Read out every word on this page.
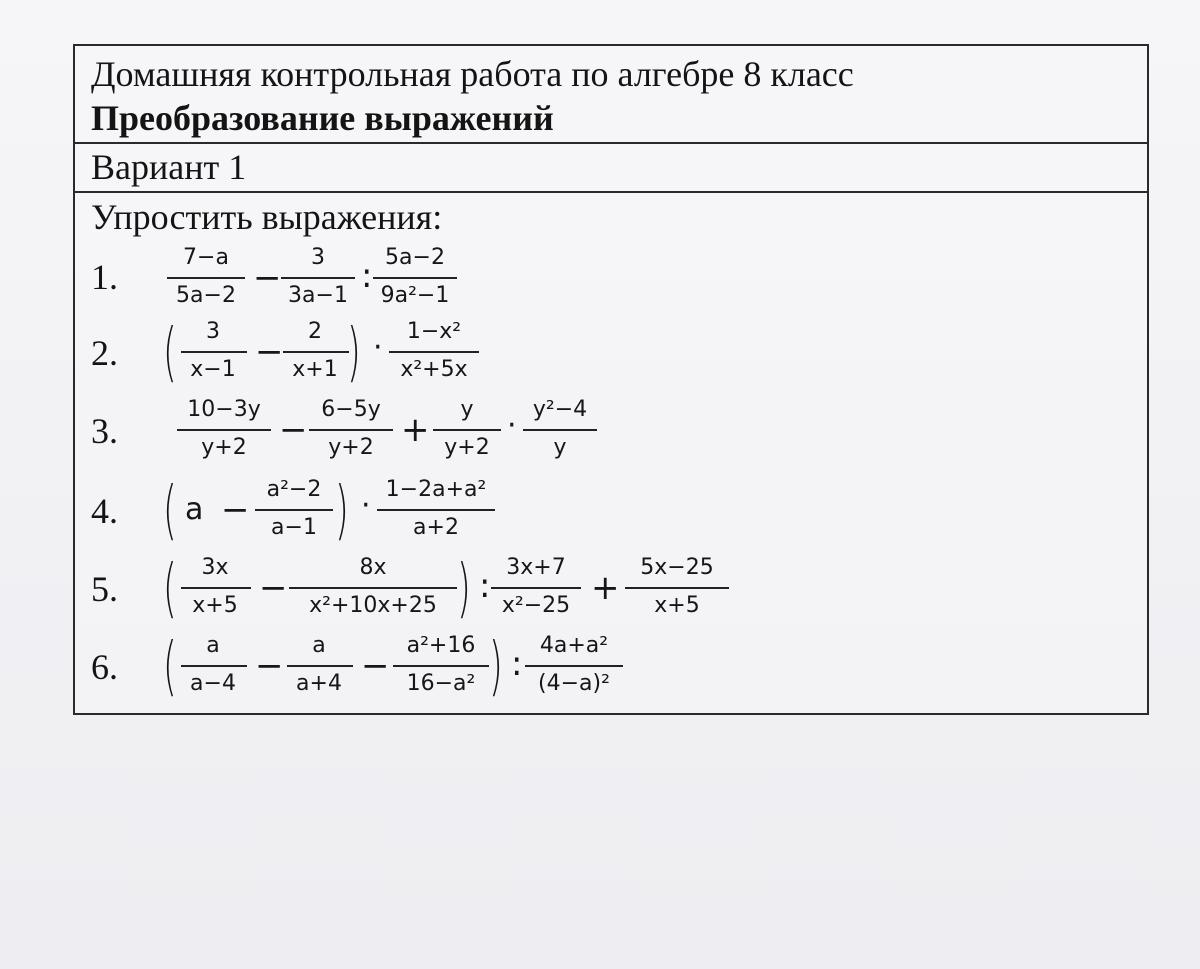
Домашняя контрольная работа по алгебре 8 класс
Преобразование выражений
Вариант 1
Упростить выражения:
1.	7−a
5a−2 −
3
3a−1 : 5a−2
9a²−1
2. (	3
x−1 −
2
x+1 ) ·	1−x²
x²+5x
3.
10−3y
y+2 −
6−5y
y+2 +
y
y+2
· y²−4
y
4. ( a −
a²−2
a−1 ) · 1−2a+a²
a+2
5. (	3x
x+5 −
8x
x²+10x+25 ) : 3x+7
x²−25 +
5x−25
x+5
6. (	a
a−4 −
a
a+4 −
a²+16
16−a² ) : 4a+a²
(4−a)²
